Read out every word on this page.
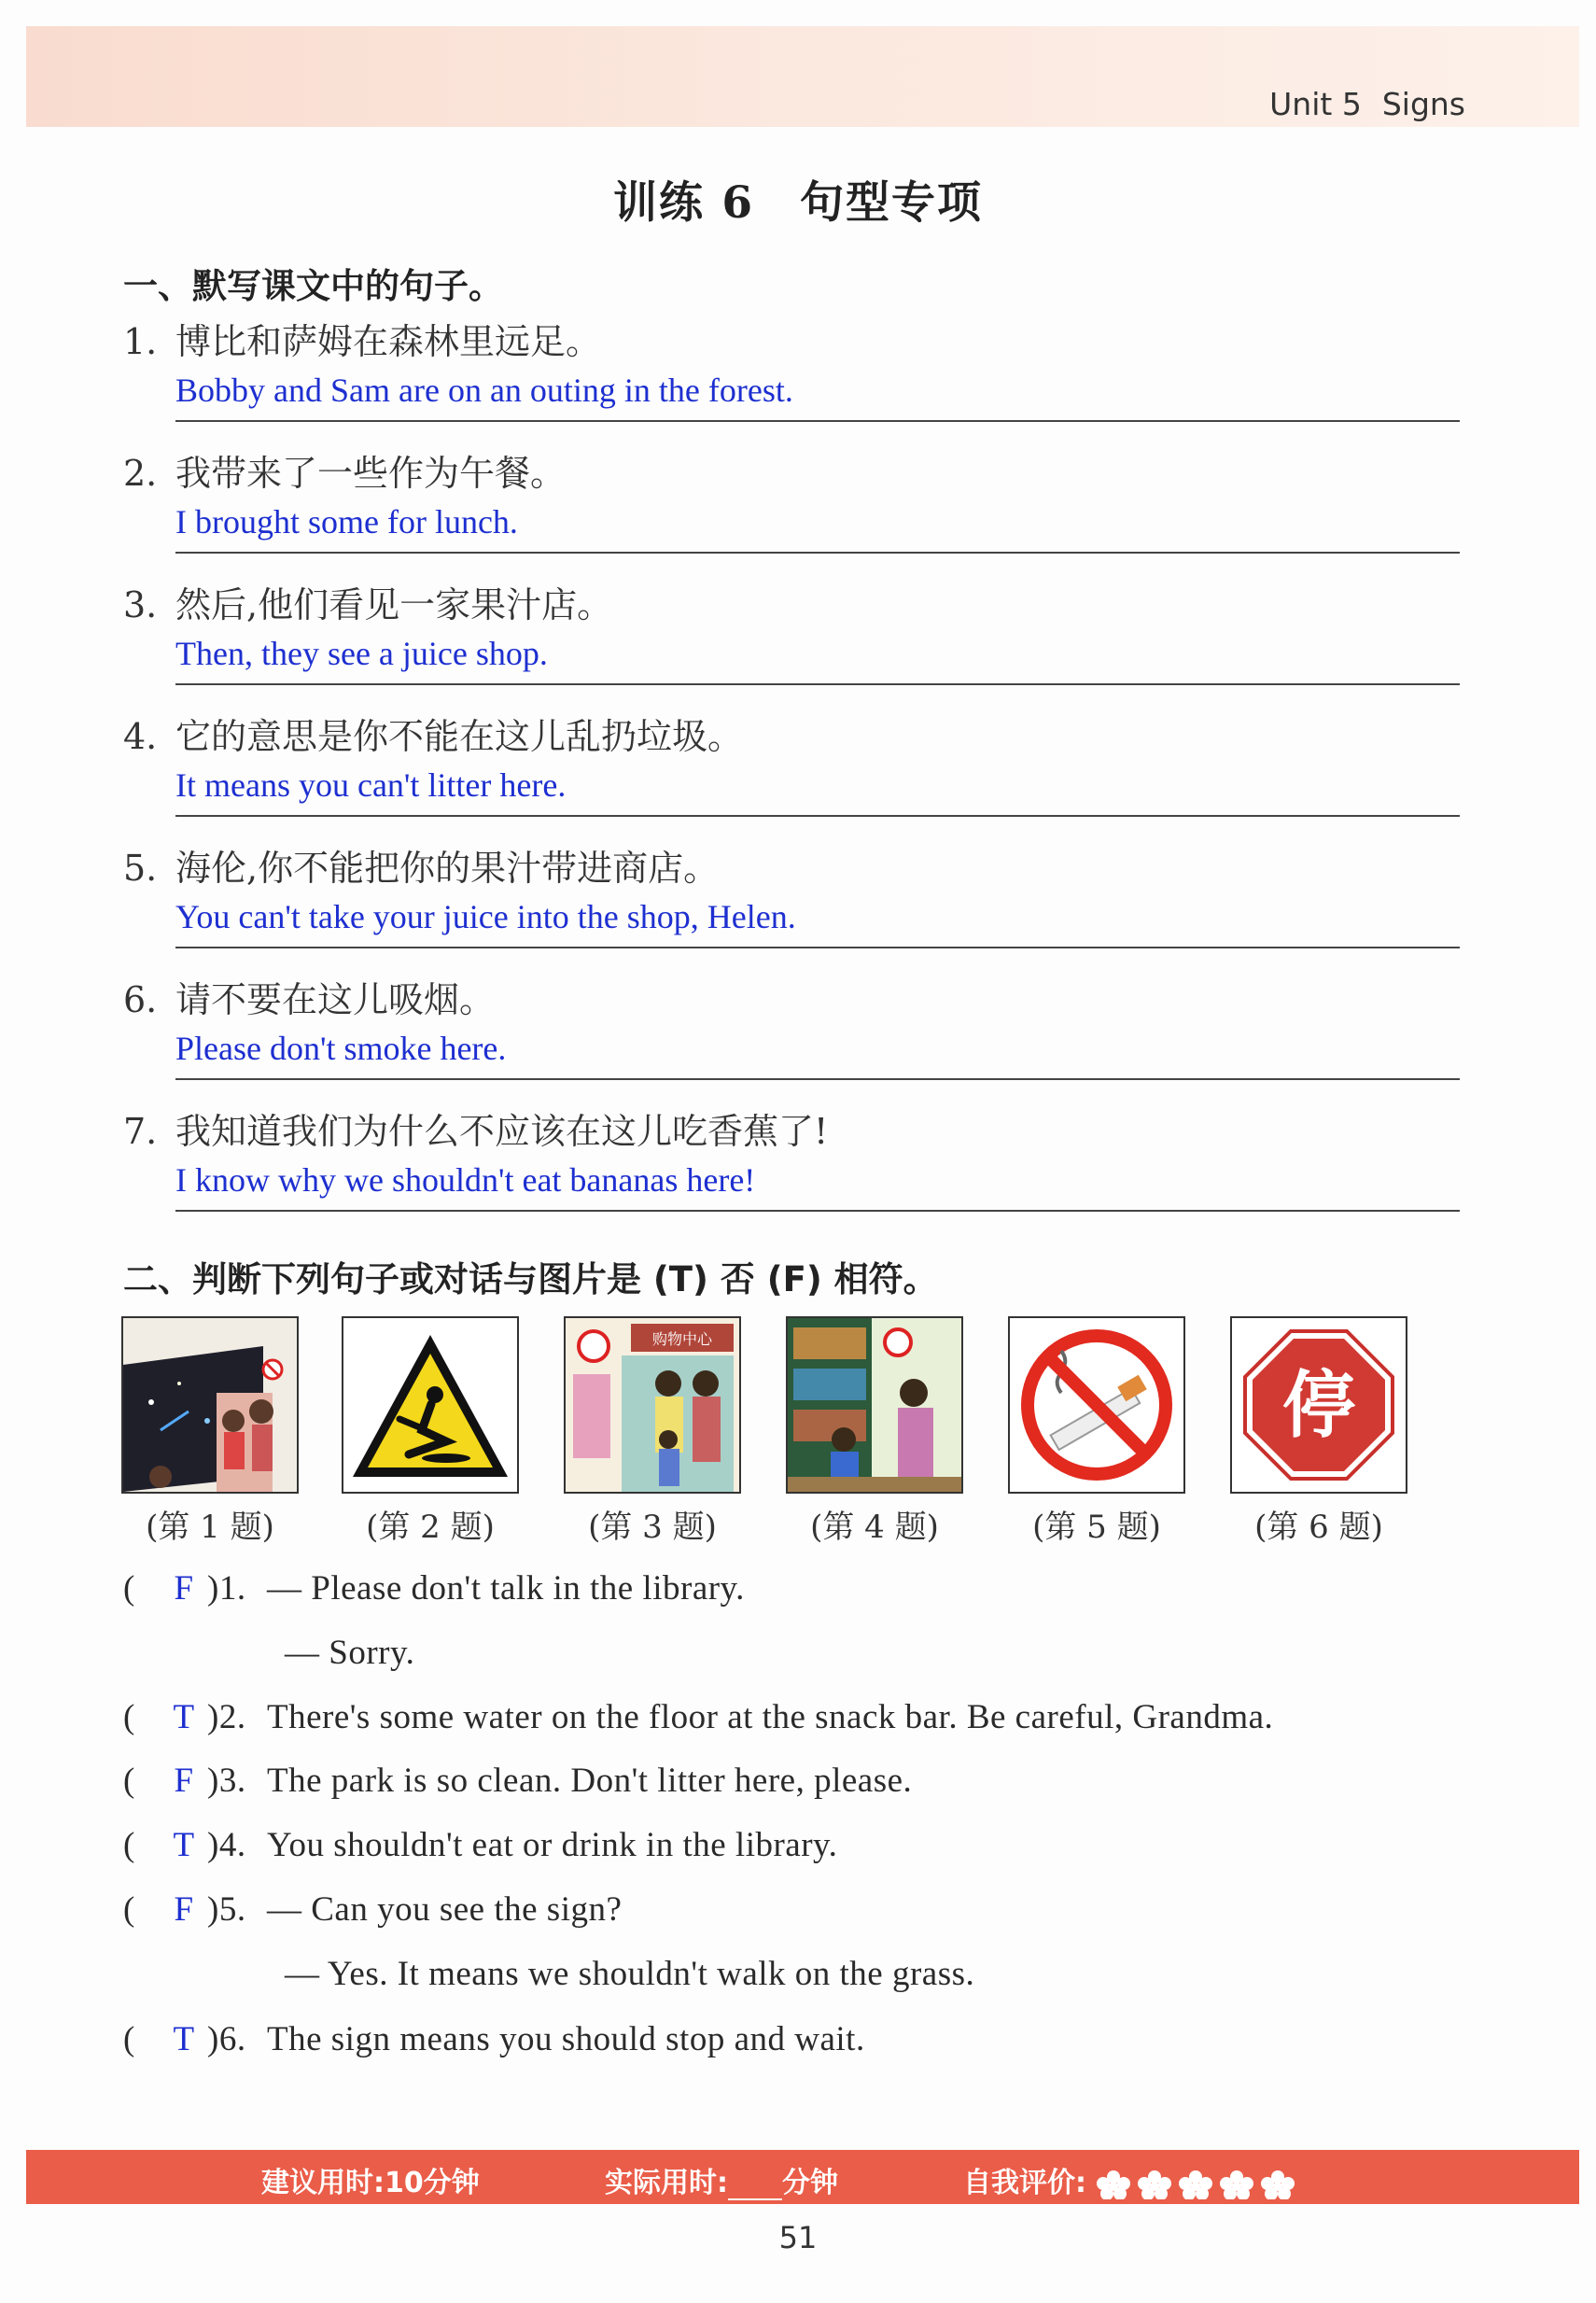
Unit 5 Signs
训练 6　句型专项
一、默写课文中的句子。
1. 博比和萨姆在森林里远足。
Bobby and Sam are on an outing in the forest.
2. 我带来了一些作为午餐。
I brought some for lunch.
3. 然后,他们看见一家果汁店。
Then, they see a juice shop.
4. 它的意思是你不能在这儿乱扔垃圾。
It means you can't litter here.
5. 海伦,你不能把你的果汁带进商店。
You can't take your juice into the shop, Helen.
6. 请不要在这儿吸烟。
Please don't smoke here.
7. 我知道我们为什么不应该在这儿吃香蕉了!
I know why we shouldn't eat bananas here!
二、判断下列句子或对话与图片是 (T) 否 (F) 相符。
(第 1 题)	(第 2 题)
购物中心
(第 3 题)	(第 4 题)	(第 5 题)
停
(第 6 题)
( F )1. — Please don't talk in the library.
— Sorry.
( T )2. There's some water on the floor at the snack bar. Be careful, Grandma.
( F )3. The park is so clean. Don't litter here, please.
( T )4. You shouldn't eat or drink in the library.
( F )5. — Can you see the sign?
— Yes. It means we shouldn't walk on the grass.
( T )6. The sign means you should stop and wait.
建议用时:10分钟	实际用时: 分钟	自我评价:
51
